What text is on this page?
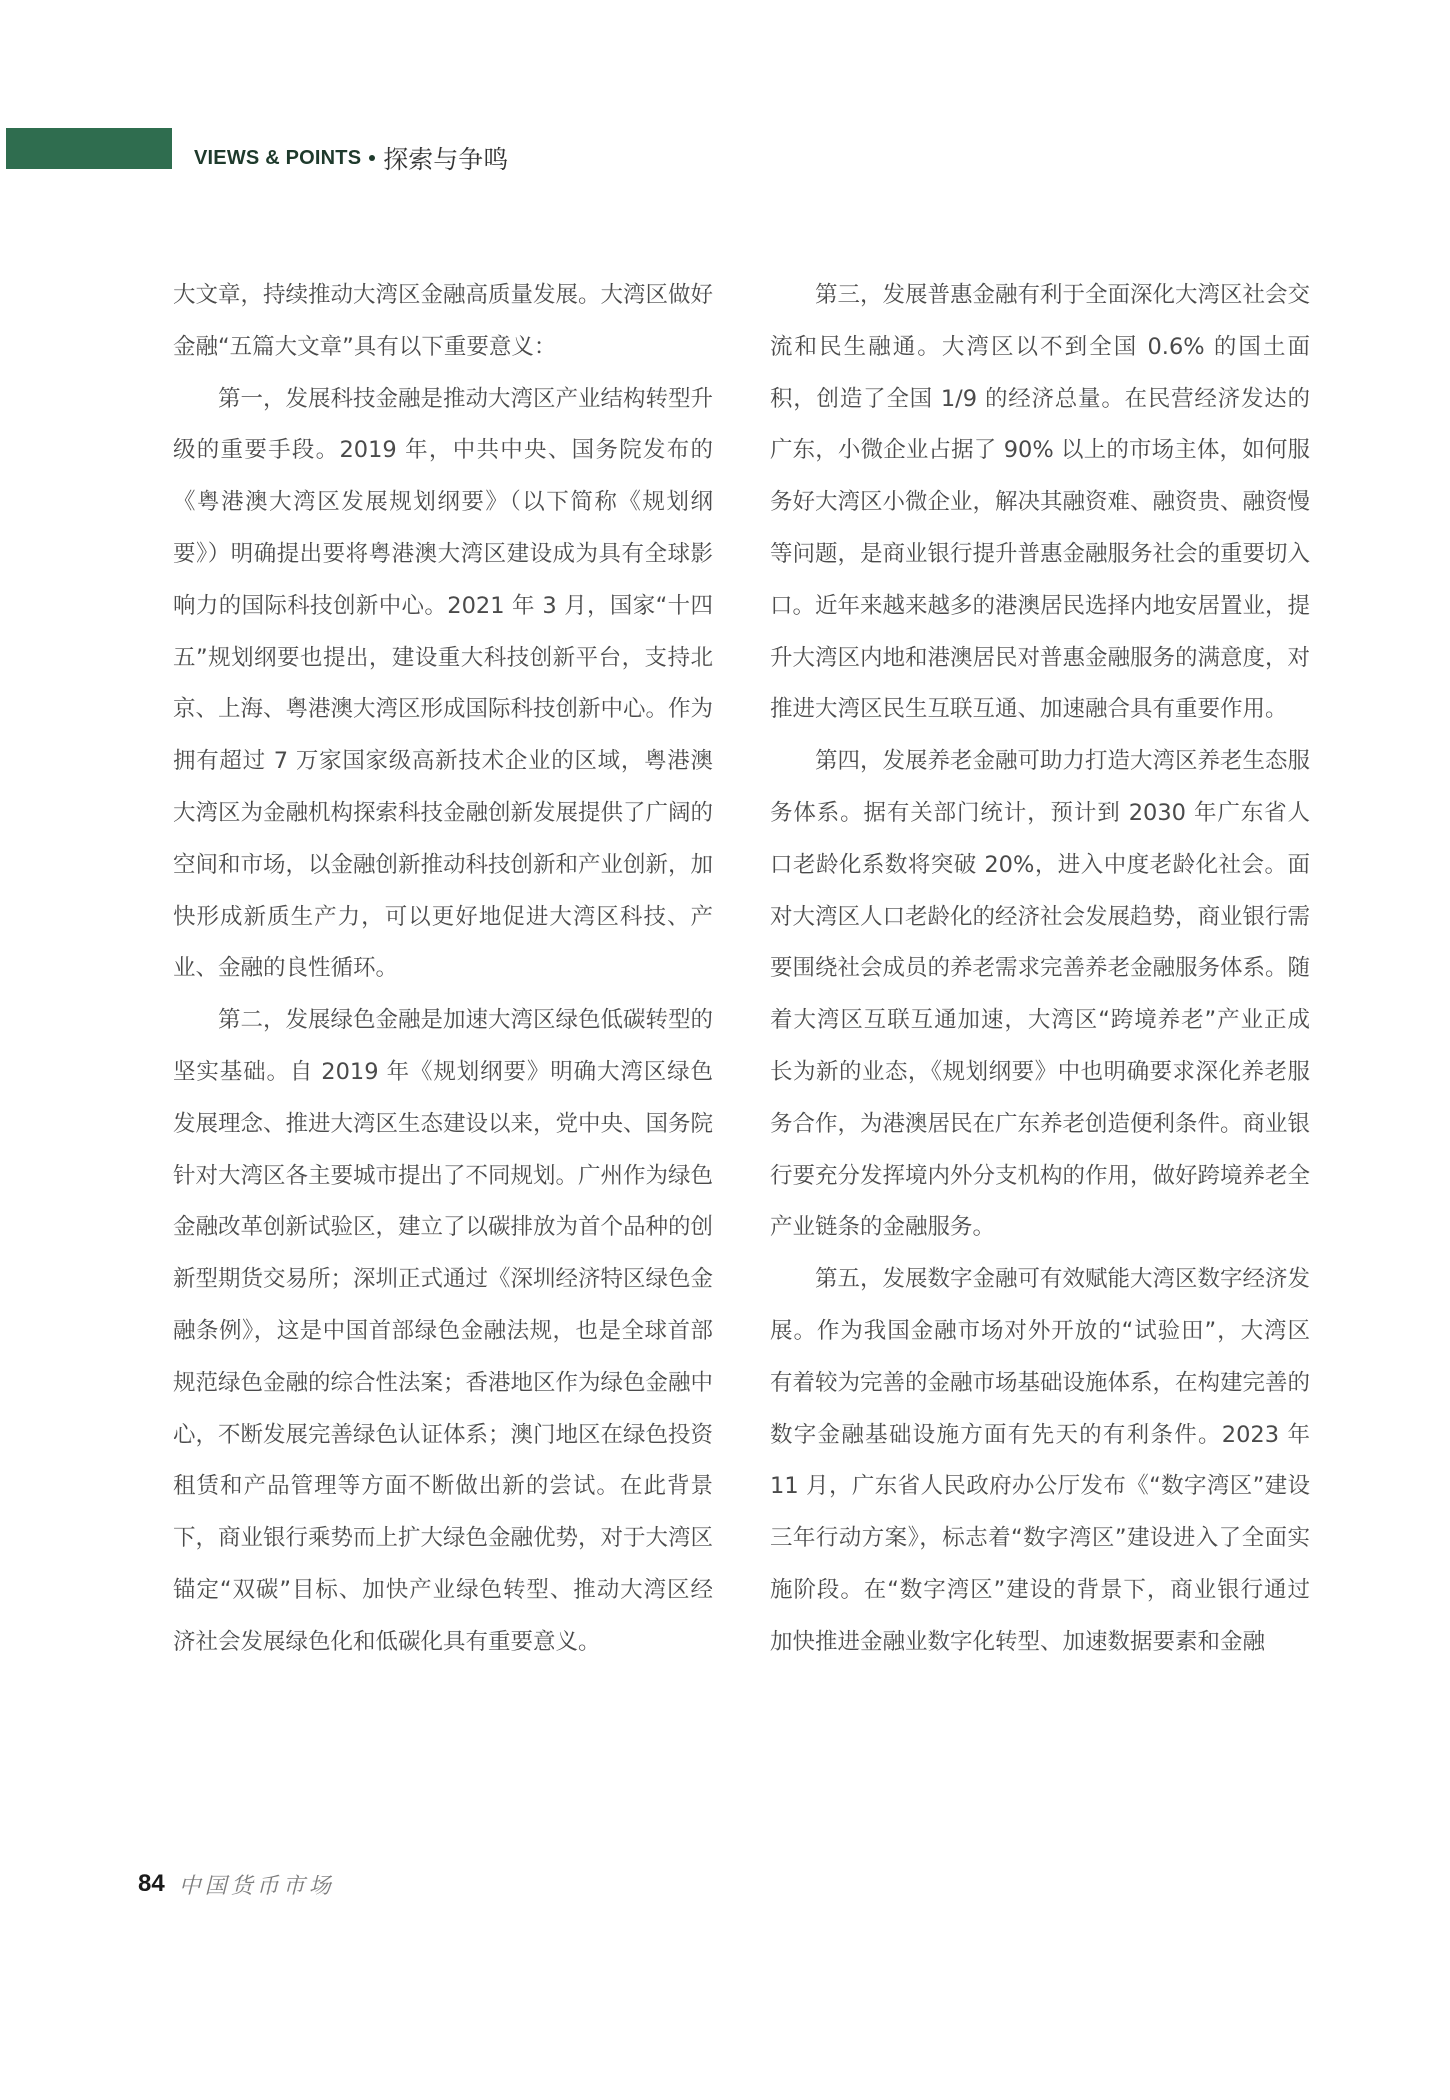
VIEWS & POINTS 探索与争鸣

大文章，持续推动大湾区金融高质量发展。大湾区做好金融“五篇大文章”具有以下重要意义：

第一，发展科技金融是推动大湾区产业结构转型升级的重要手段。2019 年，中共中央、国务院发布的《粤港澳大湾区发展规划纲要》（以下简称《规划纲要》）明确提出要将粤港澳大湾区建设成为具有全球影响力的国际科技创新中心。2021 年 3 月，国家“十四五”规划纲要也提出，建设重大科技创新平台，支持北京、上海、粤港澳大湾区形成国际科技创新中心。作为拥有超过 7 万家国家级高新技术企业的区域，粤港澳大湾区为金融机构探索科技金融创新发展提供了广阔的空间和市场，以金融创新推动科技创新和产业创新，加快形成新质生产力，可以更好地促进大湾区科技、产业、金融的良性循环。

第二，发展绿色金融是加速大湾区绿色低碳转型的坚实基础。自 2019 年《规划纲要》明确大湾区绿色发展理念、推进大湾区生态建设以来，党中央、国务院针对大湾区各主要城市提出了不同规划。广州作为绿色金融改革创新试验区，建立了以碳排放为首个品种的创新型期货交易所；深圳正式通过《深圳经济特区绿色金融条例》，这是中国首部绿色金融法规，也是全球首部规范绿色金融的综合性法案；香港地区作为绿色金融中心，不断发展完善绿色认证体系；澳门地区在绿色投资租赁和产品管理等方面不断做出新的尝试。在此背景下，商业银行乘势而上扩大绿色金融优势，对于大湾区锚定“双碳”目标、加快产业绿色转型、推动大湾区经济社会发展绿色化和低碳化具有重要意义。

第三，发展普惠金融有利于全面深化大湾区社会交流和民生融通。大湾区以不到全国 0.6% 的国土面积，创造了全国 1/9 的经济总量。在民营经济发达的广东，小微企业占据了 90% 以上的市场主体，如何服务好大湾区小微企业，解决其融资难、融资贵、融资慢等问题，是商业银行提升普惠金融服务社会的重要切入口。近年来越来越多的港澳居民选择内地安居置业，提升大湾区内地和港澳居民对普惠金融服务的满意度，对推进大湾区民生互联互通、加速融合具有重要作用。

第四，发展养老金融可助力打造大湾区养老生态服务体系。据有关部门统计，预计到 2030 年广东省人口老龄化系数将突破 20%，进入中度老龄化社会。面对大湾区人口老龄化的经济社会发展趋势，商业银行需要围绕社会成员的养老需求完善养老金融服务体系。随着大湾区互联互通加速，大湾区“跨境养老”产业正成长为新的业态，《规划纲要》中也明确要求深化养老服务合作，为港澳居民在广东养老创造便利条件。商业银行要充分发挥境内外分支机构的作用，做好跨境养老全产业链条的金融服务。

第五，发展数字金融可有效赋能大湾区数字经济发展。作为我国金融市场对外开放的“试验田”，大湾区有着较为完善的金融市场基础设施体系，在构建完善的数字金融基础设施方面有先天的有利条件。2023 年 11 月，广东省人民政府办公厅发布《“数字湾区”建设三年行动方案》，标志着“数字湾区”建设进入了全面实施阶段。在“数字湾区”建设的背景下，商业银行通过加快推进金融业数字化转型、加速数据要素和金融

84 中国货币市场
